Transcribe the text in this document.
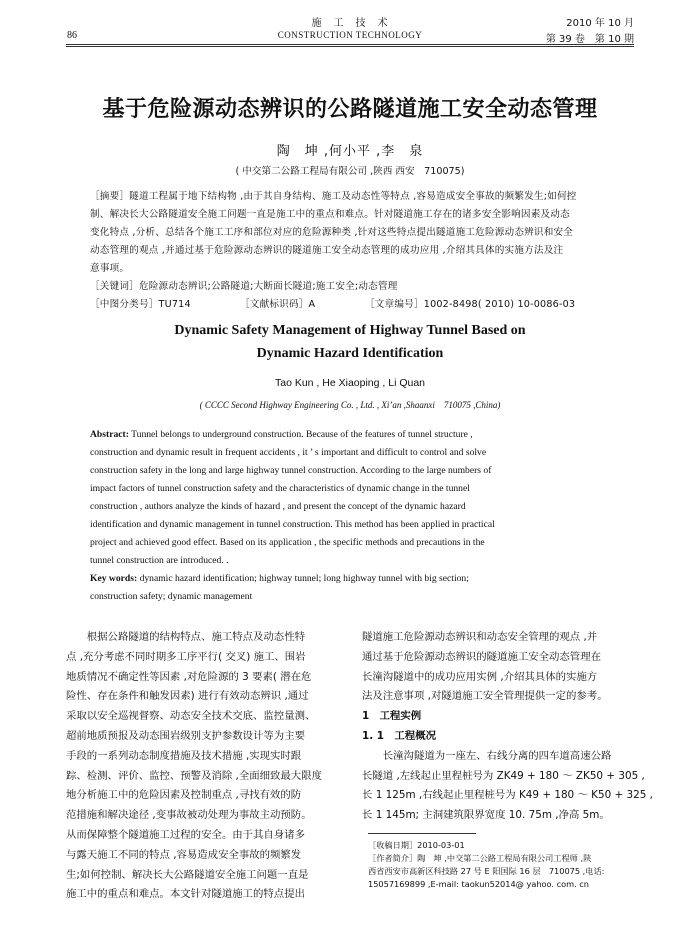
施　工　技　术
CONSTRUCTION TECHNOLOGY
86
2010 年 10 月
第 39 卷　第 10 期
基于危险源动态辨识的公路隧道施工安全动态管理
陶　坤 ,何小平 ,李　泉
( 中交第二公路工程局有限公司 ,陕西 西安　710075)
［摘要］隧道工程属于地下结构物 ,由于其自身结构、施工及动态性等特点 ,容易造成安全事故的频繁发生;如何控
制、解决长大公路隧道安全施工问题一直是施工中的重点和难点。针对隧道施工存在的诸多安全影响因素及动态
变化特点 ,分析、总结各个施工工序和部位对应的危险源种类 ,针对这些特点提出隧道施工危险源动态辨识和安全
动态管理的观点 ,并通过基于危险源动态辨识的隧道施工安全动态管理的成功应用 ,介绍其具体的实施方法及注
意事项。
［关键词］危险源动态辨识;公路隧道;大断面长隧道;施工安全;动态管理
［中图分类号］TU714	［文献标识码］A	［文章编号］1002-8498( 2010) 10-0086-03
Dynamic Safety Management of Highway Tunnel Based on
Dynamic Hazard Identification
Tao Kun , He Xiaoping , Li Quan
( CCCC Second Highway Engineering Co. , Ltd. , Xi’an ,Shaanxi　710075 ,China)
Abstract: Tunnel belongs to underground construction. Because of the features of tunnel structure ,
construction and dynamic result in frequent accidents , it ’ s important and difficult to control and solve
construction safety in the long and large highway tunnel construction. According to the large numbers of
impact factors of tunnel construction safety and the characteristics of dynamic change in the tunnel
construction , authors analyze the kinds of hazard , and present the concept of the dynamic hazard
identification and dynamic management in tunnel construction. This method has been applied in practical
project and achieved good effect. Based on its application , the specific methods and precautions in the
tunnel construction are introduced. .
Key words: dynamic hazard identification; highway tunnel; long highway tunnel with big section;
construction safety; dynamic management
　　根据公路隧道的结构特点、施工特点及动态性特
点 ,充分考虑不同时期多工序平行( 交叉) 施工、围岩
地质情况不确定性等因素 ,对危险源的 3 要素( 潜在危
险性、存在条件和触发因素) 进行有效动态辨识 ,通过
采取以安全巡视督察、动态安全技术交底、监控量测、
超前地质预报及动态围岩级别支护参数设计等为主要
手段的一系列动态制度措施及技术措施 ,实现实时跟
踪、检测、评价、监控、预警及消除 ,全面细致最大限度
地分析施工中的危险因素及控制重点 ,寻找有效的防
范措施和解决途径 ,变事故被动处理为事故主动预防。
从而保障整个隧道施工过程的安全。由于其自身诸多
与露天施工不同的特点 ,容易造成安全事故的频繁发
生;如何控制、解决长大公路隧道安全施工问题一直是
施工中的重点和难点。本文针对隧道施工的特点提出
隧道施工危险源动态辨识和动态安全管理的观点 ,并
通过基于危险源动态辨识的隧道施工安全动态管理在
长潼沟隧道中的成功应用实例 ,介绍其具体的实施方
法及注意事项 ,对隧道施工安全管理提供一定的参考。
1　工程实例
1. 1　工程概况
　　长潼沟隧道为一座左、右线分离的四车道高速公路
长隧道 ,左线起止里程桩号为 ZK49 + 180 ～ ZK50 + 305 ,
长 1 125m ,右线起止里程桩号为 K49 + 180 ～ K50 + 325 ,
长 1 145m; 主洞建筑限界宽度 10. 75m ,净高 5m。
［收稿日期］2010-03-01
［作者简介］陶　坤 ,中交第二公路工程局有限公司工程师 ,陕
西省西安市高新区科技路 27 号 E 阳国际 16 层　710075 ,电话:
15057169899 ,E-mail: taokun52014@ yahoo. com. cn
